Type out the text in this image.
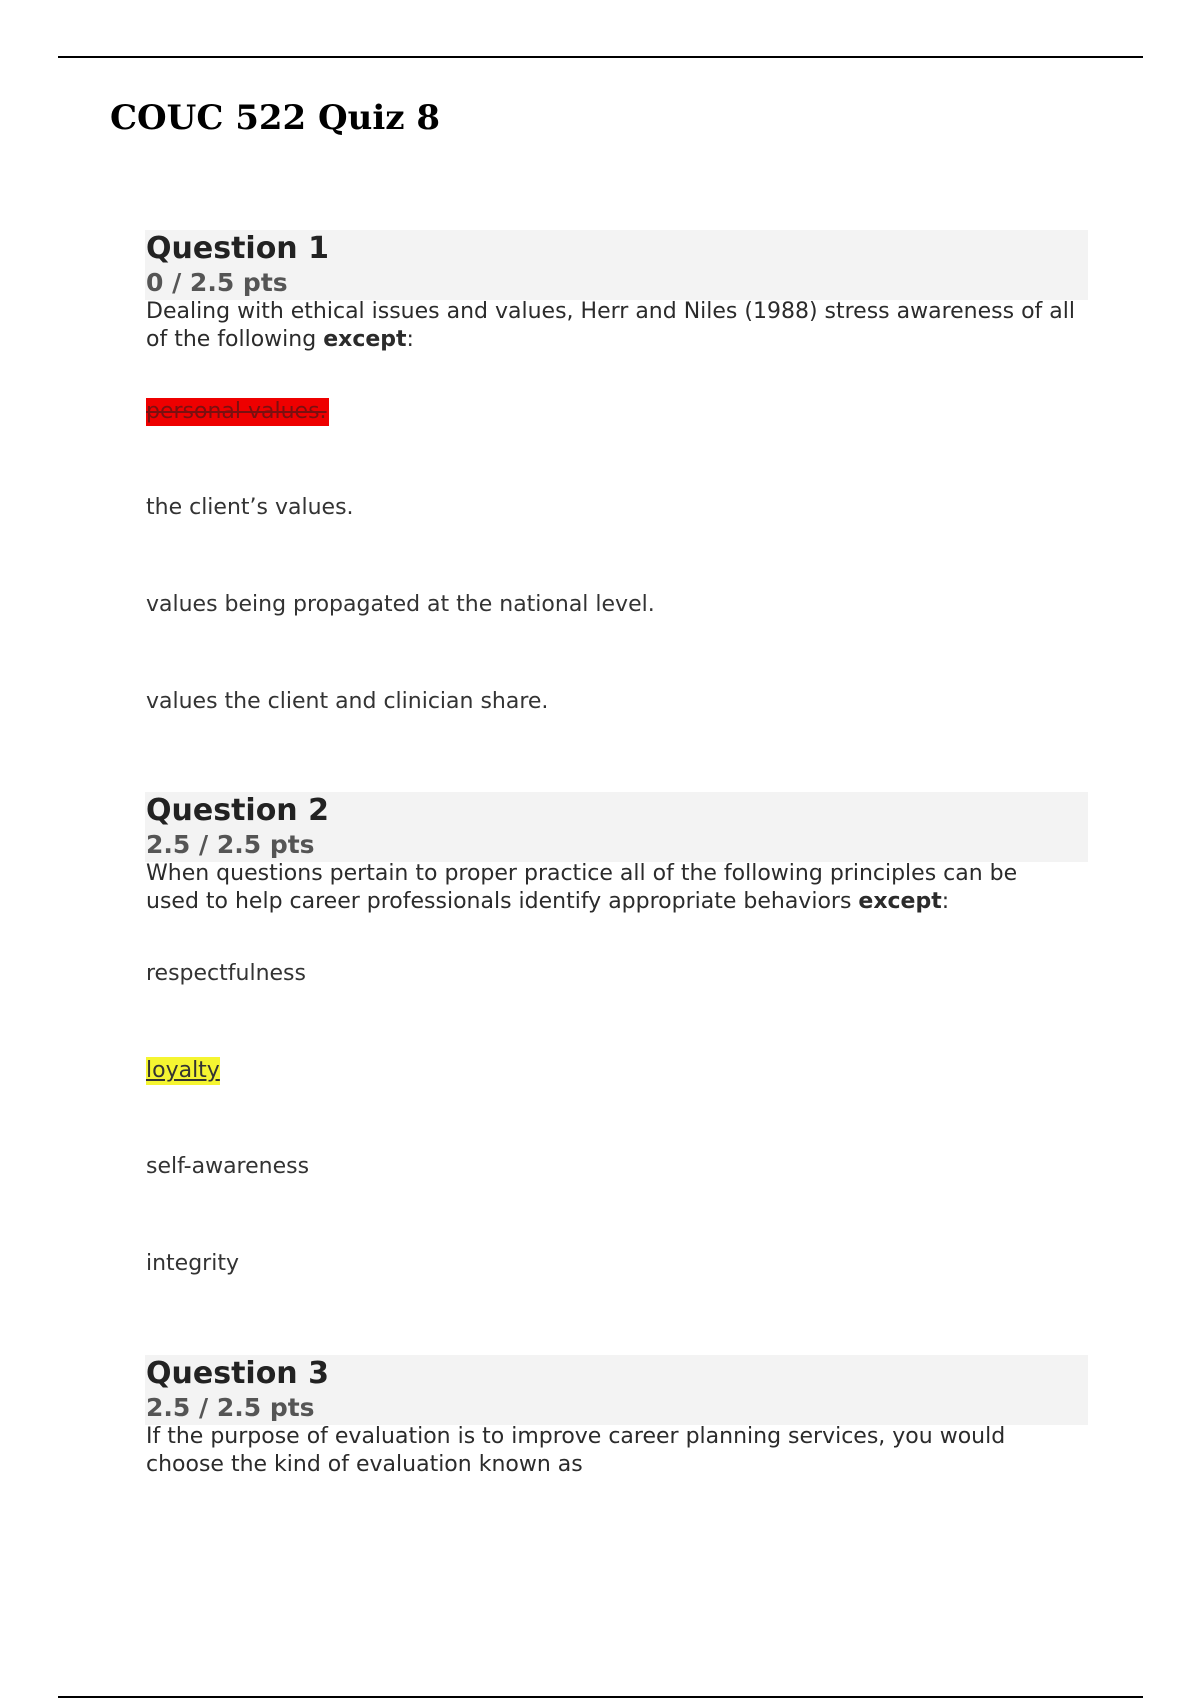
COUC 522 Quiz 8
Question 1
0 / 2.5 pts

Dealing with ethical issues and values, Herr and Niles (1988) stress awareness of all of the following except:

personal values.
the client’s values.
values being propagated at the national level.
values the client and clinician share.
Question 2
2.5 / 2.5 pts

When questions pertain to proper practice all of the following principles can be used to help career professionals identify appropriate behaviors except:

respectfulness
loyalty
self-awareness
integrity
Question 3
2.5 / 2.5 pts

If the purpose of evaluation is to improve career planning services, you would choose the kind of evaluation known as
